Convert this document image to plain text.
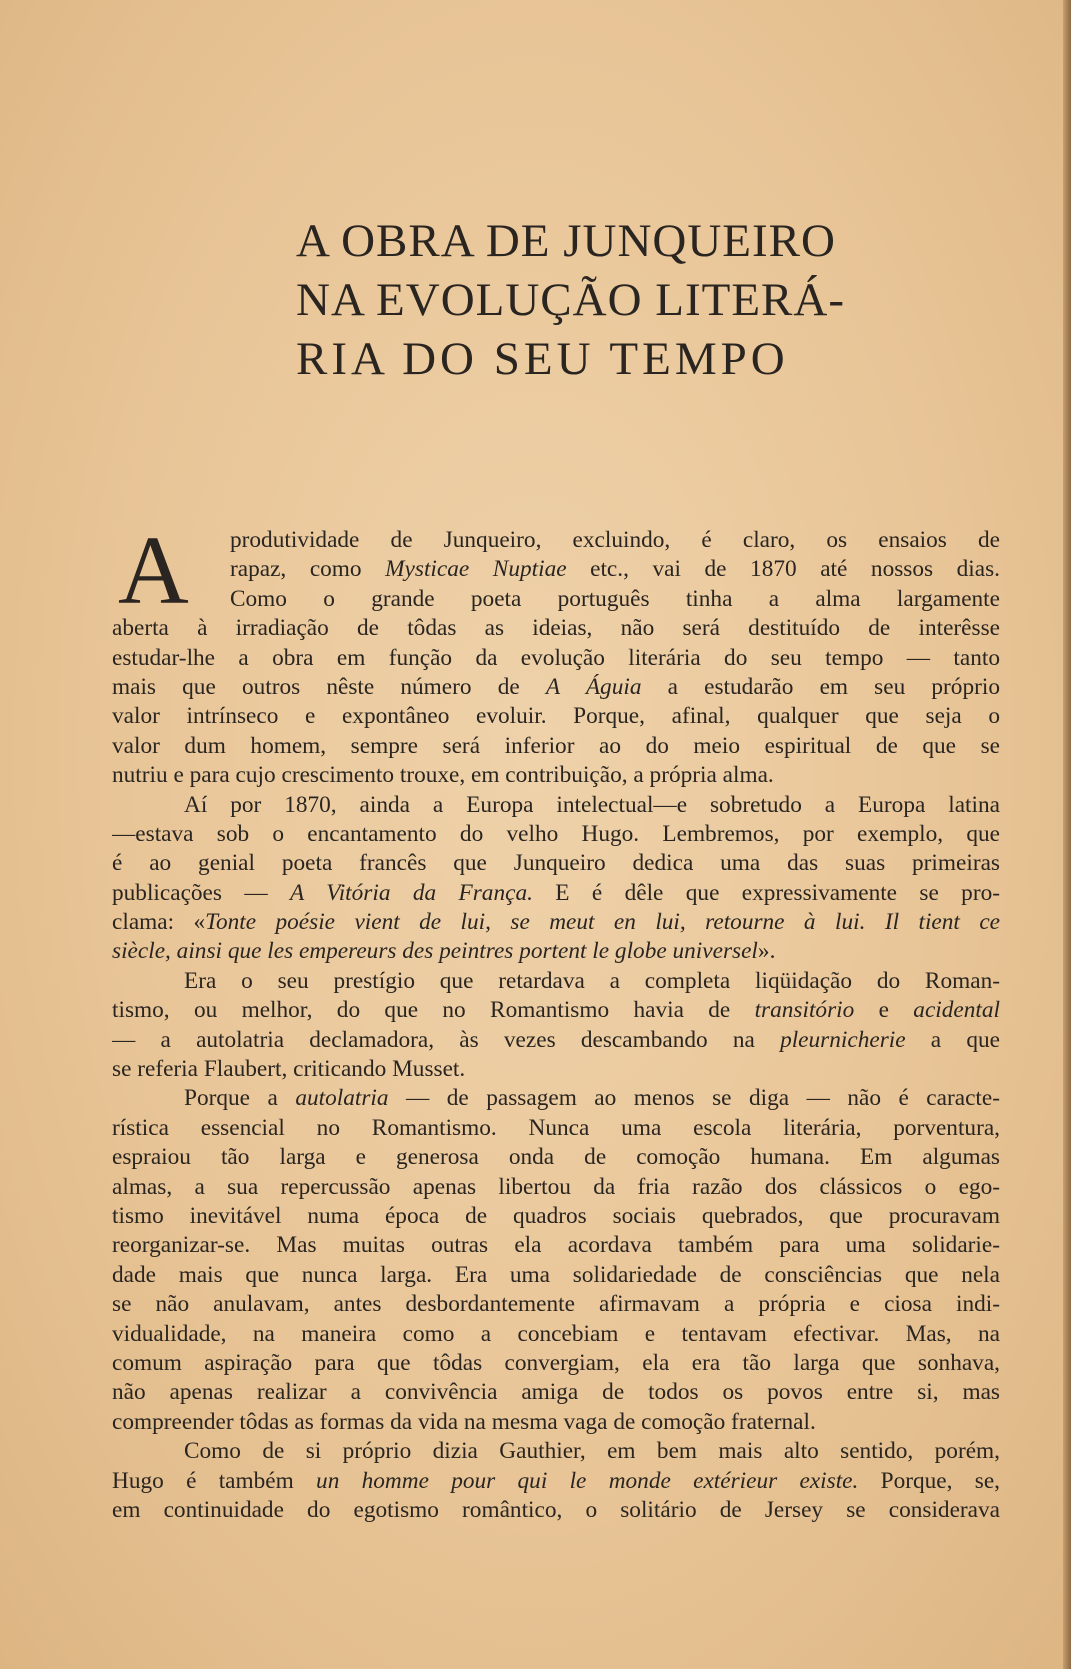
A OBRA DE JUNQUEIRO
NA EVOLUÇÃO LITERÁ-
RIA DO SEU TEMPO
A	produtividade de Junqueiro, excluindo, é claro, os ensaios de
rapaz, como Mysticae Nuptiae etc., vai de 1870 até nossos dias.
Como o grande poeta português tinha a alma largamente
aberta à irradiação de tôdas as ideias, não será destituído de interêsse
estudar-lhe a obra em função da evolução literária do seu tempo — tanto
mais que outros nêste número de A Águia a estudarão em seu próprio
valor intrínseco e expontâneo evoluir. Porque, afinal, qualquer que seja o
valor dum homem, sempre será inferior ao do meio espiritual de que se
nutriu e para cujo crescimento trouxe, em contribuição, a própria alma.
Aí por 1870, ainda a Europa intelectual—e sobretudo a Europa latina
—estava sob o encantamento do velho Hugo. Lembremos, por exemplo, que
é ao genial poeta francês que Junqueiro dedica uma das suas primeiras
publicações — A Vitória da França. E é dêle que expressivamente se pro-
clama: «Tonte poésie vient de lui, se meut en lui, retourne à lui. Il tient ce
siècle, ainsi que les empereurs des peintres portent le globe universel».
Era o seu prestígio que retardava a completa liqüidação do Roman-
tismo, ou melhor, do que no Romantismo havia de transitório e acidental
— a autolatria declamadora, às vezes descambando na pleurnicherie a que
se referia Flaubert, criticando Musset.
Porque a autolatria — de passagem ao menos se diga — não é caracte-
rística essencial no Romantismo. Nunca uma escola literária, porventura,
espraiou tão larga e generosa onda de comoção humana. Em algumas
almas, a sua repercussão apenas libertou da fria razão dos clássicos o ego-
tismo inevitável numa época de quadros sociais quebrados, que procuravam
reorganizar-se. Mas muitas outras ela acordava também para uma solidarie-
dade mais que nunca larga. Era uma solidariedade de consciências que nela
se não anulavam, antes desbordantemente afirmavam a própria e ciosa indi-
vidualidade, na maneira como a concebiam e tentavam efectivar. Mas, na
comum aspiração para que tôdas convergiam, ela era tão larga que sonhava,
não apenas realizar a convivência amiga de todos os povos entre si, mas
compreender tôdas as formas da vida na mesma vaga de comoção fraternal.
Como de si próprio dizia Gauthier, em bem mais alto sentido, porém,
Hugo é também un homme pour qui le monde extérieur existe. Porque, se,
em continuidade do egotismo romântico, o solitário de Jersey se considerava
